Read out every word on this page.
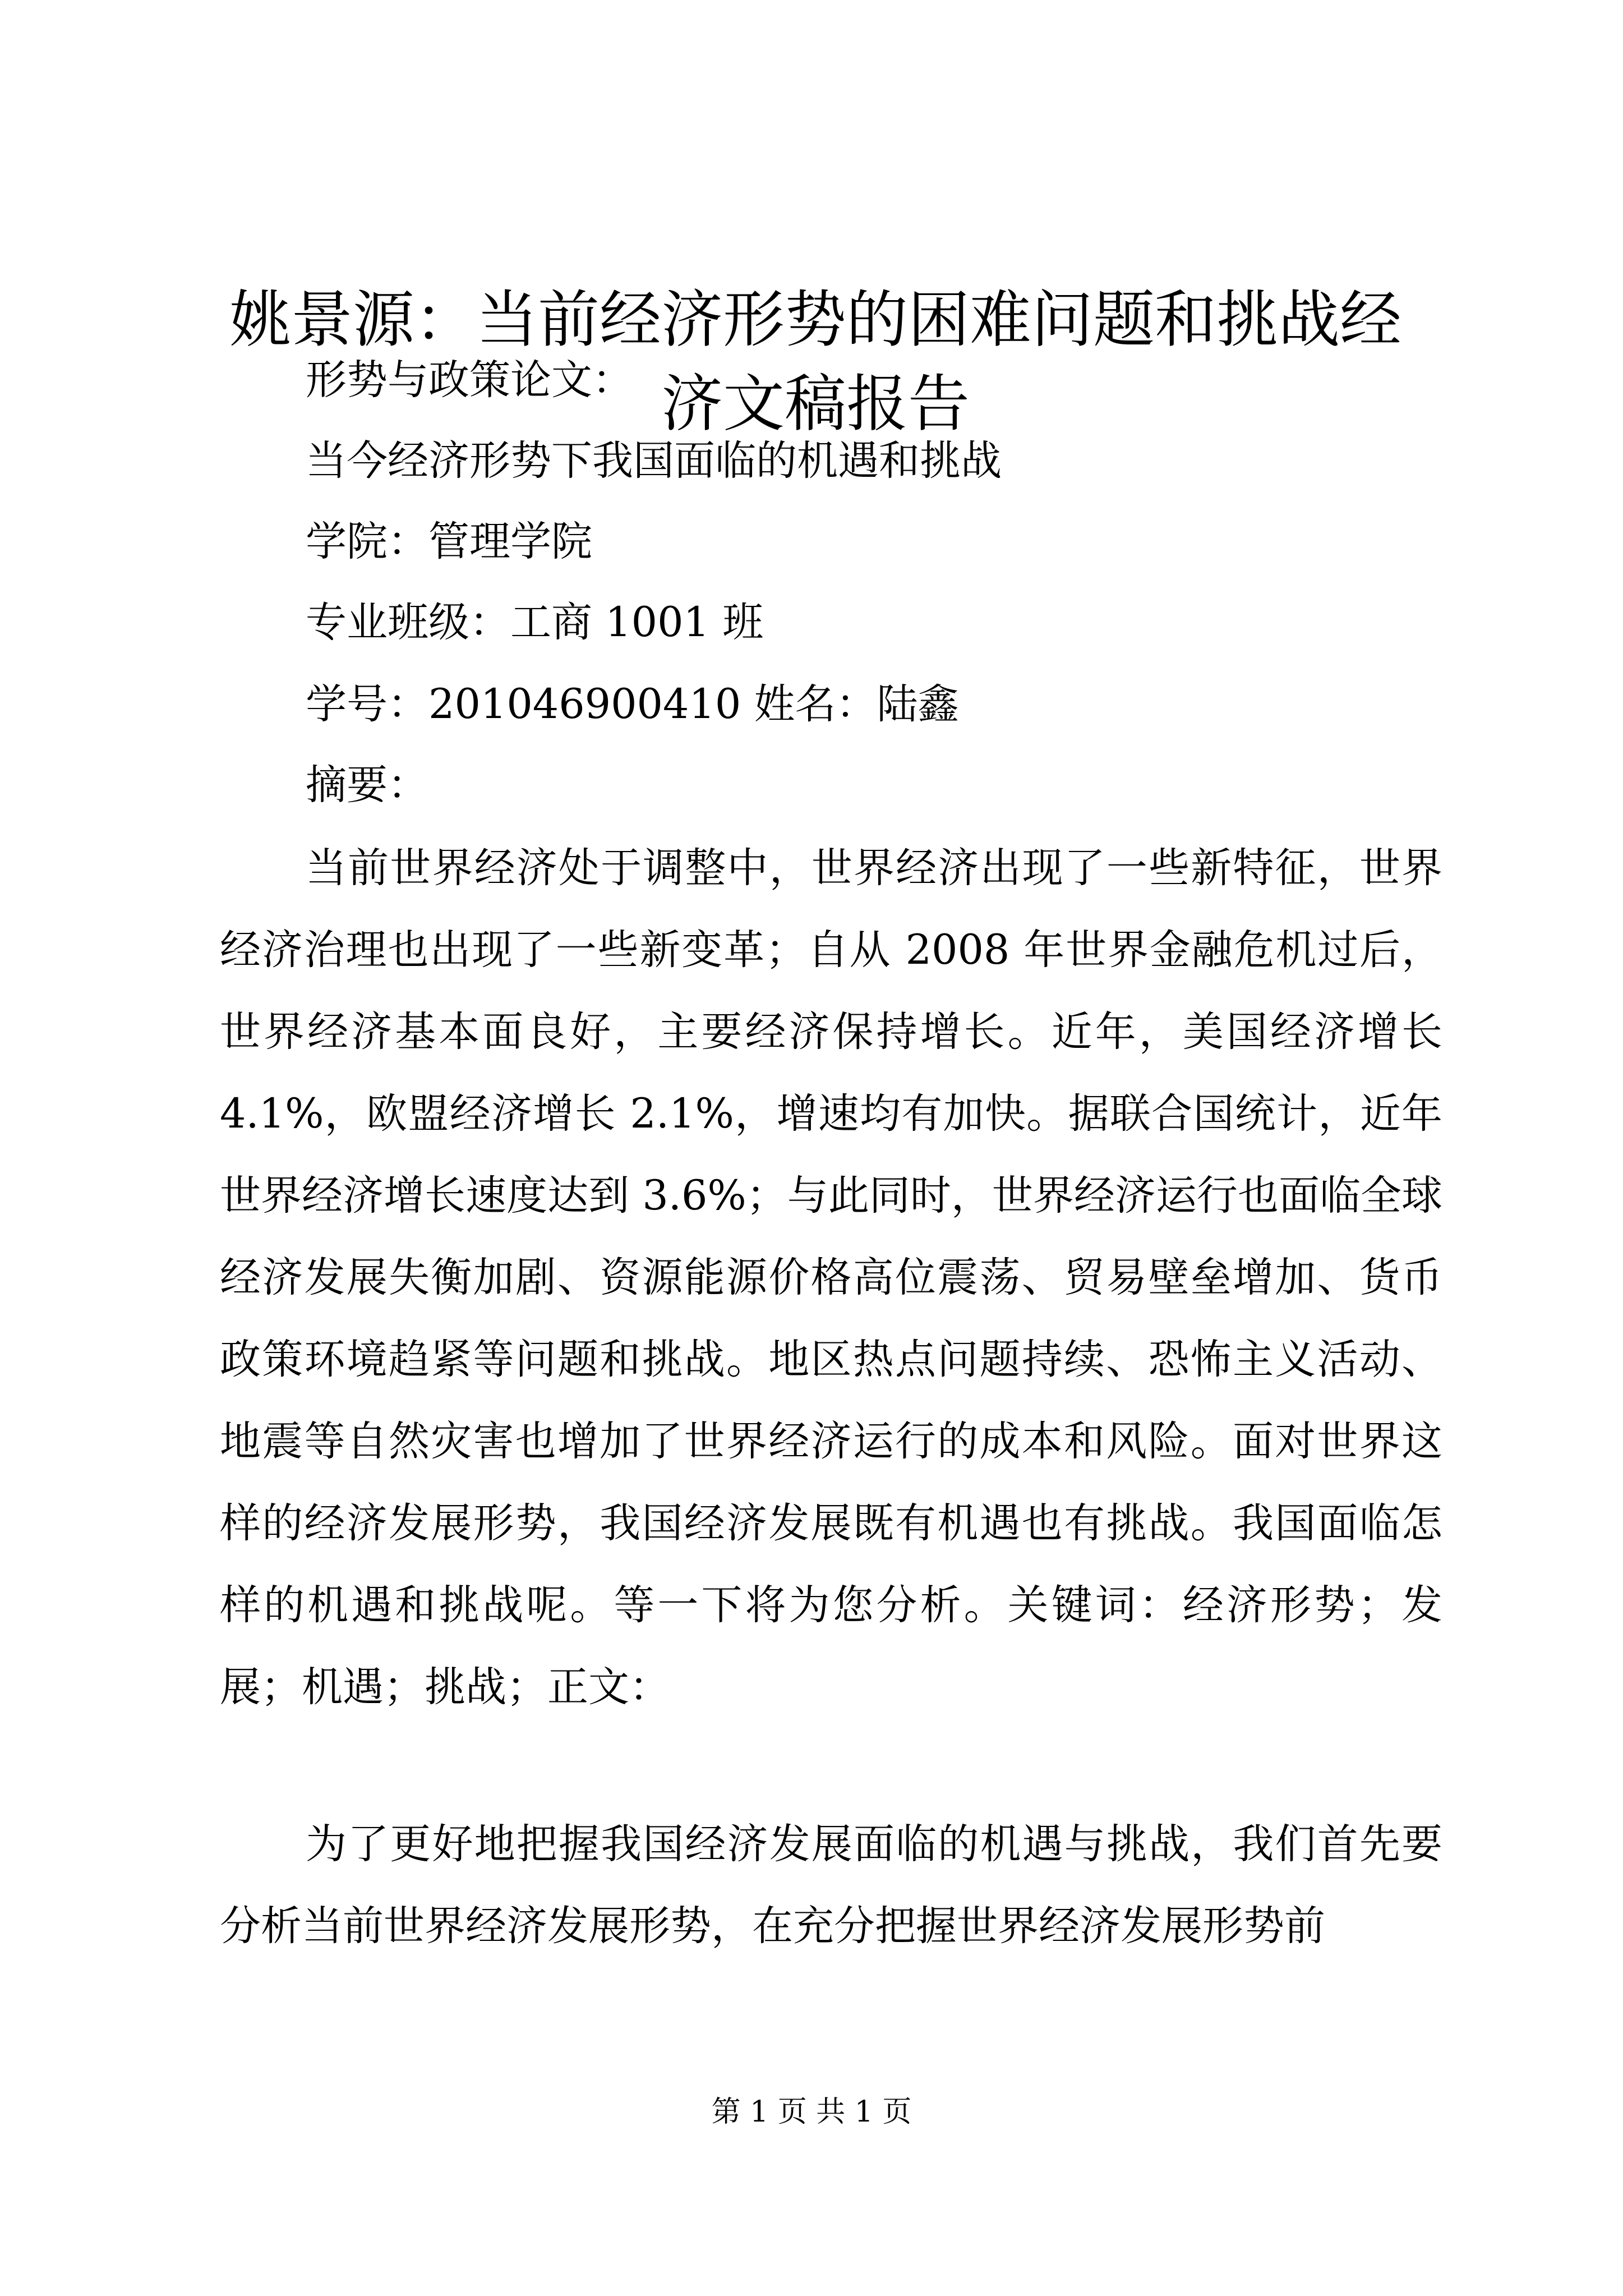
姚景源：当前经济形势的困难问题和挑战经济文稿报告

形势与政策论文：

当今经济形势下我国面临的机遇和挑战

学院：管理学院

专业班级：工商 1001 班

学号：201046900410 姓名：陆鑫

摘要：

当前世界经济处于调整中，世界经济出现了一些新特征，世界经济治理也出现了一些新变革；自从 2008 年世界金融危机过后，世界经济基本面良好，主要经济保持增长。近年，美国经济增长 4.1%，欧盟经济增长 2.1%，增速均有加快。据联合国统计，近年世界经济增长速度达到 3.6%；与此同时，世界经济运行也面临全球经济发展失衡加剧、资源能源价格高位震荡、贸易壁垒增加、货币政策环境趋紧等问题和挑战。地区热点问题持续、恐怖主义活动、地震等自然灾害也增加了世界经济运行的成本和风险。面对世界这样的经济发展形势，我国经济发展既有机遇也有挑战。我国面临怎样的机遇和挑战呢。等一下将为您分析。关键词：经济形势；发展；机遇；挑战；正文：

为了更好地把握我国经济发展面临的机遇与挑战，我们首先要分析当前世界经济发展形势，在充分把握世界经济发展形势前

第 1 页 共 1 页
